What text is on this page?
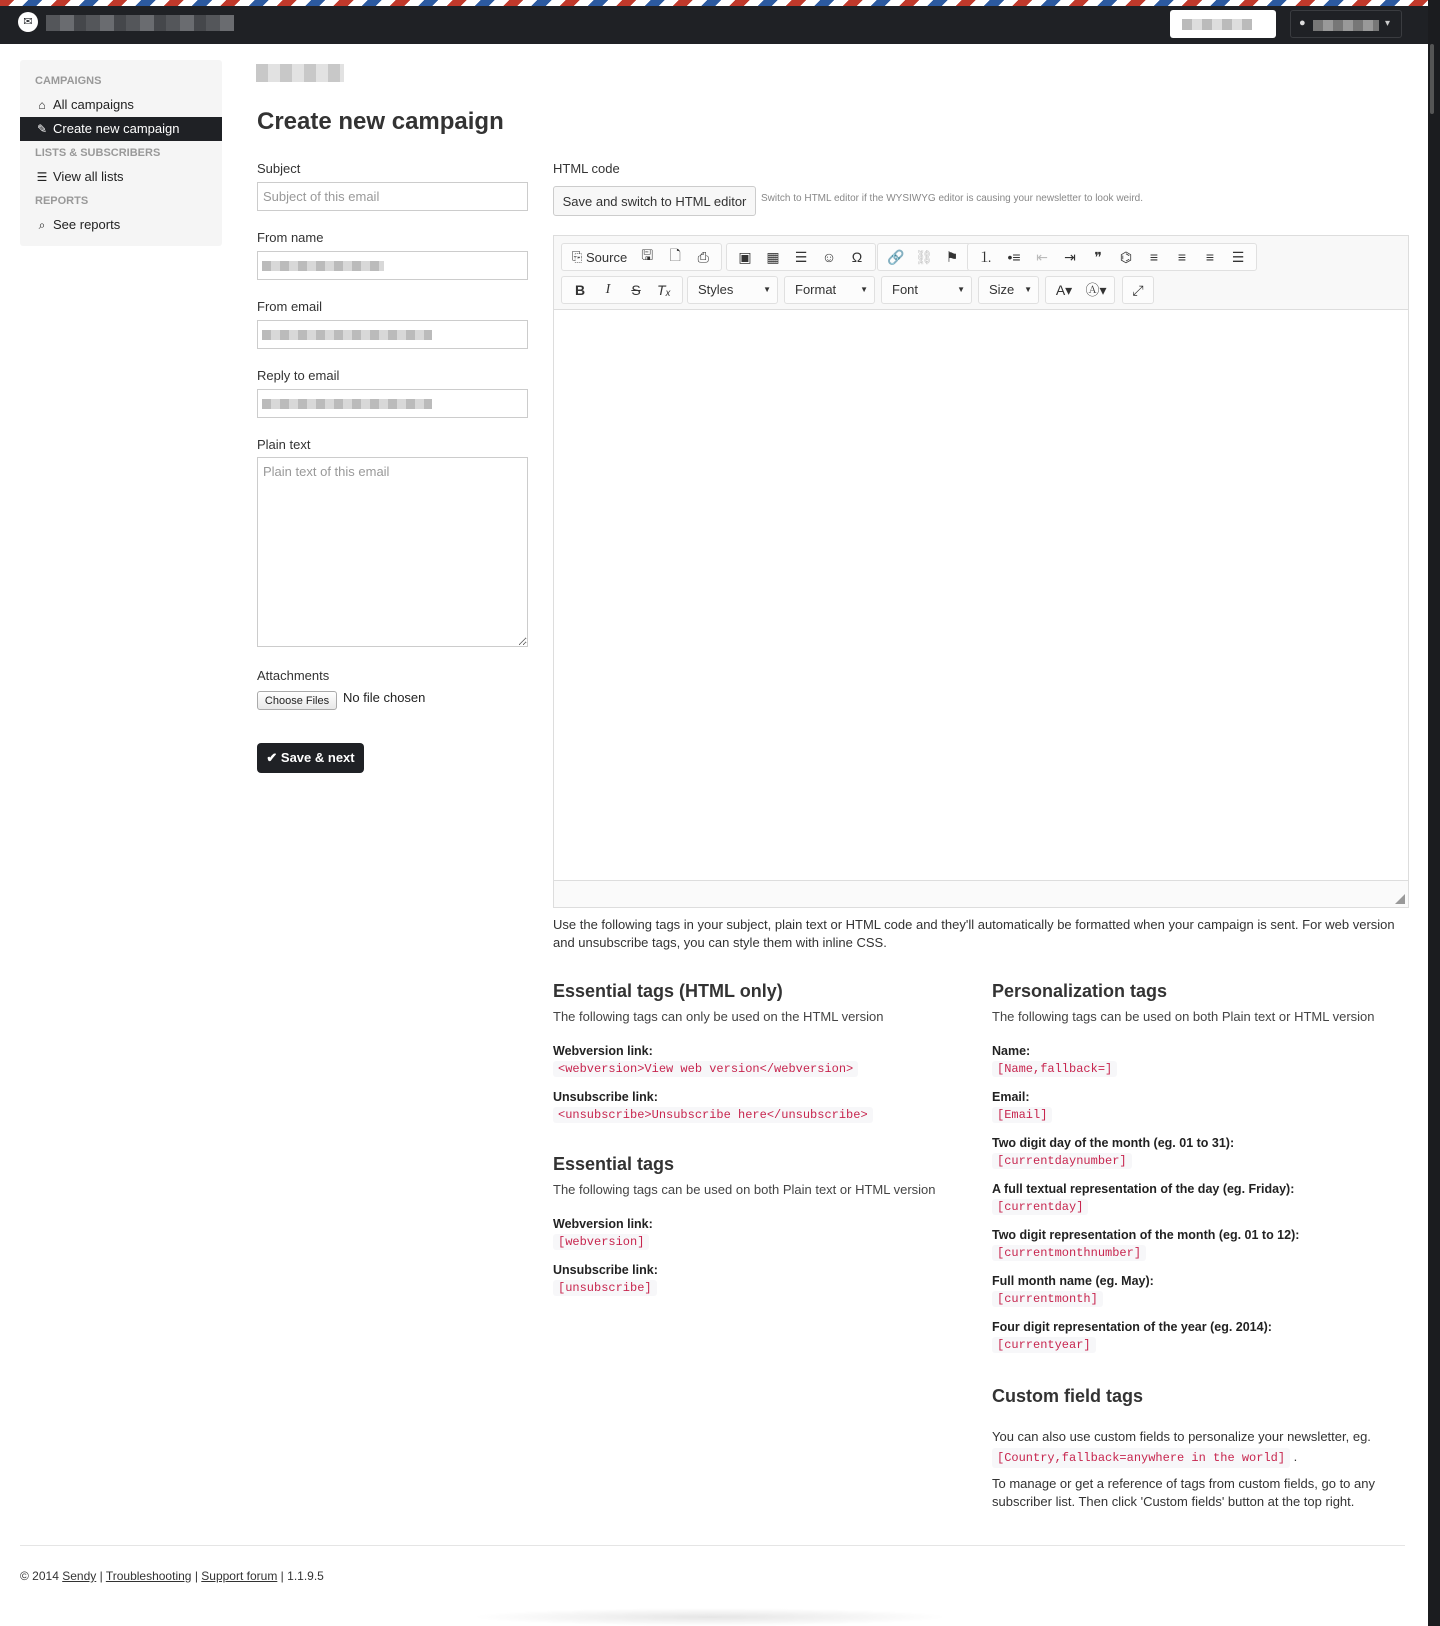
✉	●	▾
CAMPAIGNS
⌂ All campaigns
✎ Create new campaign
LISTS & SUBSCRIBERS
☰ View all lists
REPORTS
⌕ See reports
Create new campaign
Subject
Subject of this email
From name
From email
Reply to email
Plain text
Plain text of this email
Attachments
Choose Files	No file chosen
✔ Save & next
HTML code
Save and switch to HTML editor	Switch to HTML editor if the WYSIWYG editor is causing your newsletter to look weird.
⎘ Source	🖫	🗋	⎙	▣	▦	☰	☺	Ω	🔗 ⛓ ⚑	⒈	•≡	⇤	⇥	❞	⌬	≡	≡	≡	☰
B	I	S	Tₓ	Styles	▼	Format	▼	Font	▼	Size ▼	A▾ Ⓐ▾	⤢
Use the following tags in your subject, plain text or HTML code and they'll automatically be formatted when your campaign is sent. For web version and unsubscribe tags, you can style them with inline CSS.
Essential tags (HTML only)
The following tags can only be used on the HTML version
Webversion link:
<webversion>View web version</webversion>
Unsubscribe link:
<unsubscribe>Unsubscribe here</unsubscribe>
Essential tags
The following tags can be used on both Plain text or HTML version
Webversion link:
[webversion]
Unsubscribe link:
[unsubscribe]
Personalization tags
The following tags can be used on both Plain text or HTML version
Name:
[Name,fallback=]
Email:
[Email]
Two digit day of the month (eg. 01 to 31):
[currentdaynumber]
A full textual representation of the day (eg. Friday):
[currentday]
Two digit representation of the month (eg. 01 to 12):
[currentmonthnumber]
Full month name (eg. May):
[currentmonth]
Four digit representation of the year (eg. 2014):
[currentyear]
Custom field tags
You can also use custom fields to personalize your newsletter, eg.
[Country,fallback=anywhere in the world] .
To manage or get a reference of tags from custom fields, go to any subscriber list. Then click 'Custom fields' button at the top right.
© 2014 Sendy | Troubleshooting | Support forum | 1.1.9.5
